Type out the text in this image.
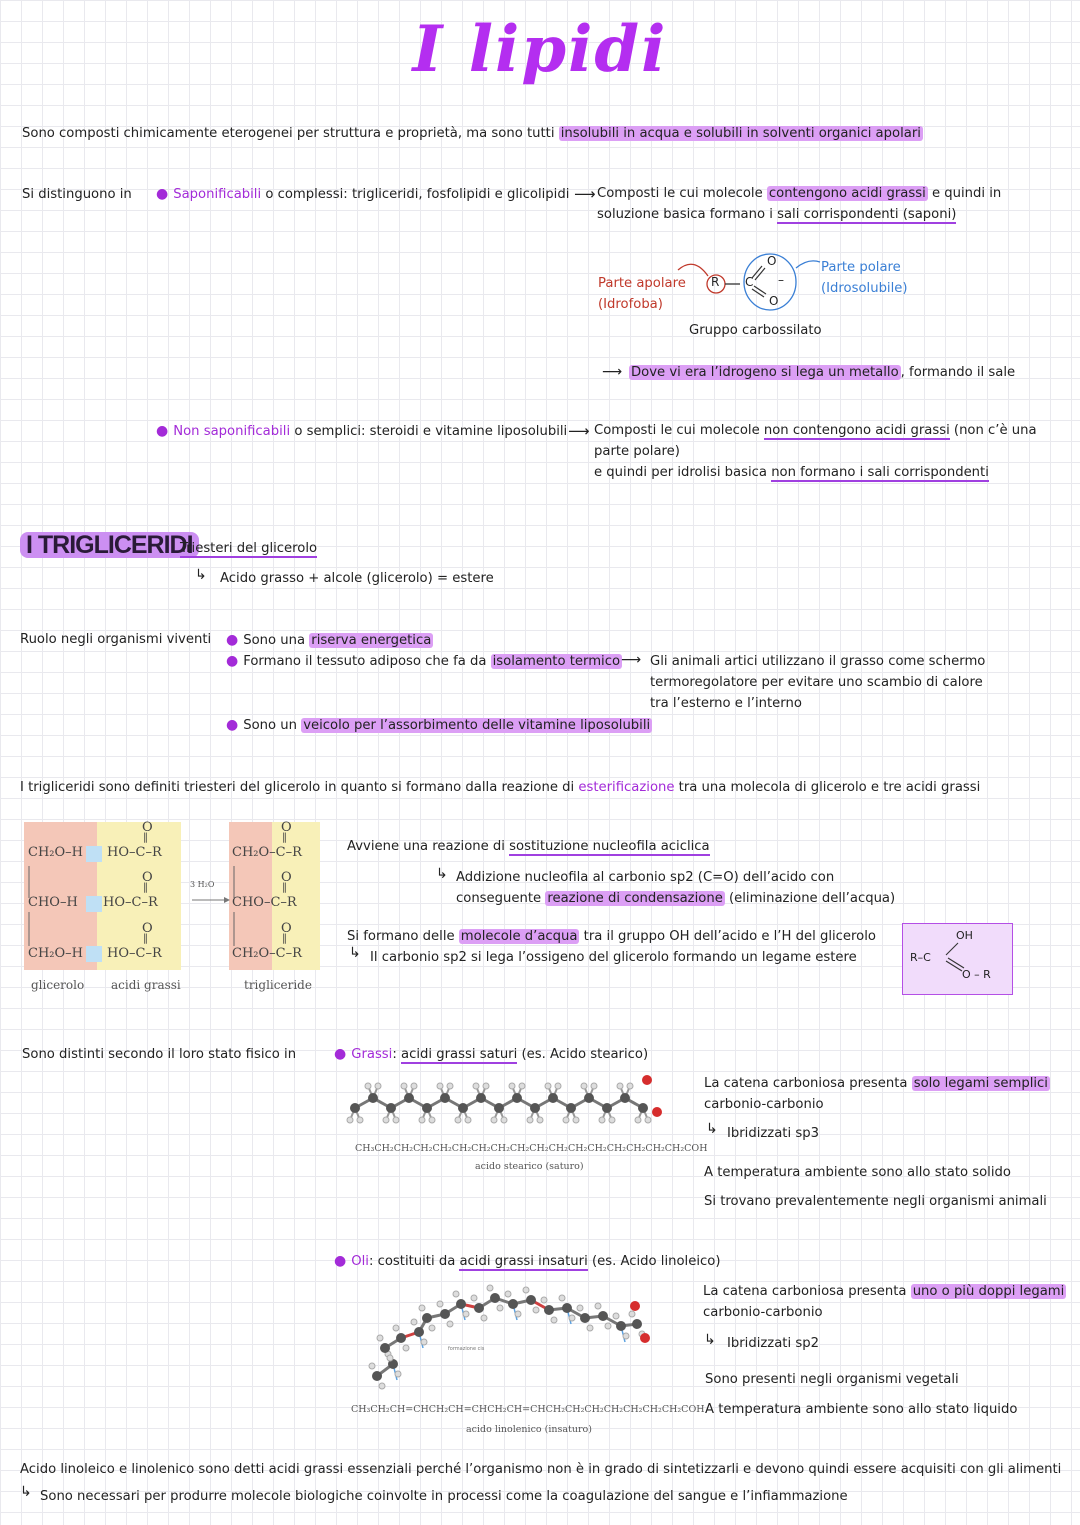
I lipidi
Sono composti chimicamente eterogenei per struttura e proprietà, ma sono tutti insolubili in acqua e solubili in solventi organici apolari
Si distinguono in ● Saponificabili o complessi: trigliceridi, fosfolipidi e glicolipidi ⟶ Composti le cui molecole contengono acidi grassi e quindi in
soluzione basica formano i sali corrispondenti (saponi)
Parte apolare
(Idrofoba)
Parte polare
(Idrosolubile)
R C
O
O
–
Gruppo carbossilato
⟶ Dove vi era l’idrogeno si lega un metallo , formando il sale
● Non saponificabili o semplici: steroidi e vitamine liposolubili ⟶ Composti le cui molecole non contengono acidi grassi (non c’è una
parte polare)
e quindi per idrolisi basica non formano i sali corrispondenti
I TRIGLICERIDI
Triesteri del glicerolo
↳ Acido grasso + alcole (glicerolo) = estere
Ruolo negli organismi viventi ● Sono una riserva energetica
● Formano il tessuto adiposo che fa da isolamento termico ⟶ Gli animali artici utilizzano il grasso come schermo
termoregolatore per evitare uno scambio di calore
tra l’esterno e l’interno
● Sono un veicolo per l’assorbimento delle vitamine liposolubili
I trigliceridi sono definiti triesteri del glicerolo in quanto si formano dalla reazione di esterificazione tra una molecola di glicerolo e tre acidi grassi
O
O
O
‖
‖
‖
O
O
O
‖
‖
‖
CH₂O–H
CHO–H
CH₂O–H
HO–C–R
HO–C–R
HO–C–R
3 H₂O
CH₂O–C–R
CHO–C–R
CH₂O–C–R
glicerolo acidi grassi	trigliceride
Avviene una reazione di sostituzione nucleofila aciclica
↳ Addizione nucleofila al carbonio sp2 (C=O) dell’acido con
conseguente reazione di condensazione (eliminazione dell’acqua)
Si formano delle molecole d’acqua tra il gruppo OH dell’acido e l’H del glicerolo
↳ Il carbonio sp2 si lega l’ossigeno del glicerolo formando un legame estere
OH
R–C
O – R
Sono distinti secondo il loro stato fisico in	● Grassi: acidi grassi saturi (es. Acido stearico)
CH₃CH₂CH₂CH₂CH₂CH₂CH₂CH₂CH₂CH₂CH₂CH₂CH₂CH₂CH₂CH₂CH₂COH
acido stearico (saturo)
La catena carboniosa presenta solo legami semplici
carbonio-carbonio
↳ Ibridizzati sp3
A temperatura ambiente sono allo stato solido
Si trovano prevalentemente negli organismi animali
● Oli: costituiti da acidi grassi insaturi (es. Acido linoleico)
formazione cis
CH₃CH₂CH=CHCH₂CH=CHCH₂CH=CHCH₂CH₂CH₂CH₂CH₂CH₂CH₂COH
acido linolenico (insaturo)
La catena carboniosa presenta uno o più doppi legami
carbonio-carbonio
↳ Ibridizzati sp2
Sono presenti negli organismi vegetali
A temperatura ambiente sono allo stato liquido
Acido linoleico e linolenico sono detti acidi grassi essenziali perché l’organismo non è in grado di sintetizzarli e devono quindi essere acquisiti con gli alimenti
↳ Sono necessari per produrre molecole biologiche coinvolte in processi come la coagulazione del sangue e l’infiammazione
